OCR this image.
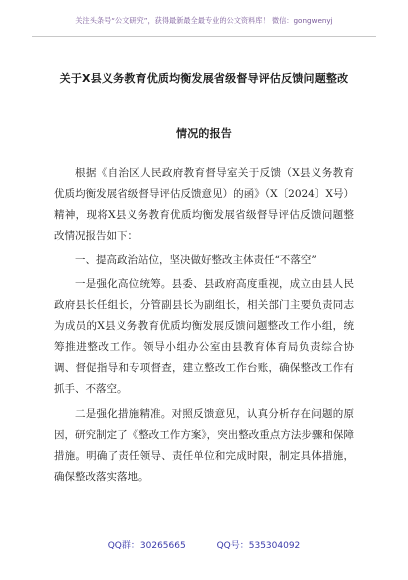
关注头条号“公文研究”，获得最新最全最专业的公文资料库！ 微信：gongwenyj
关于X县义务教育优质均衡发展省级督导评估反馈问题整改
情况的报告

根据《自治区人民政府教育督导室关于反馈（X县义务教育优质均衡发展省级督导评估反馈意见）的函》（X〔2024〕X号）精神，现将X县义务教育优质均衡发展省级督导评估反馈问题整改情况报告如下：

一、提高政治站位，坚决做好整改主体责任“不落空”

一是强化高位统筹。县委、县政府高度重视，成立由县人民政府县长任组长，分管副县长为副组长，相关部门主要负责同志为成员的X县义务教育优质均衡发展反馈问题整改工作小组，统筹推进整改工作。领导小组办公室由县教育体育局负责综合协调、督促指导和专项督查，建立整改工作台账，确保整改工作有抓手、不落空。

二是强化措施精准。对照反馈意见，认真分析存在问题的原因，研究制定了《整改工作方案》，突出整改重点方法步骤和保障措施。明确了责任领导、责任单位和完成时限，制定具体措施，确保整改落实落地。

QQ群：30265665	QQ号：535304092
